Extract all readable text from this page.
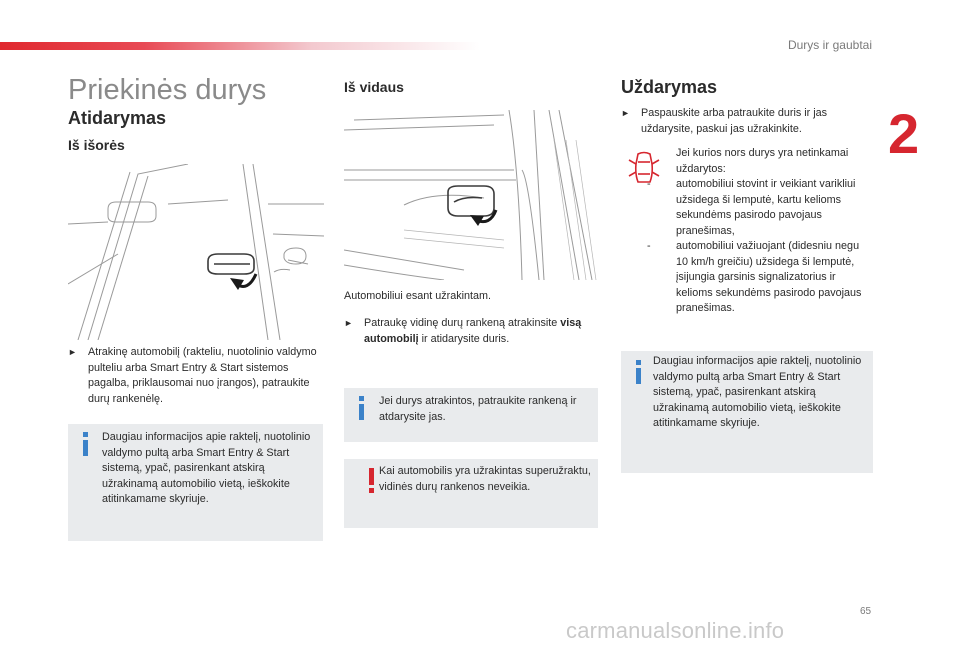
Durys ir gaubtai
2
Priekinės durys
Atidarymas
Iš išorės
► Atrakinę automobilį (rakteliu, nuotolinio valdymo pulteliu arba Smart Entry & Start sistemos pagalba, priklausomai nuo įrangos), patraukite durų rankenėlę.
Daugiau informacijos apie raktelį, nuotolinio valdymo pultą arba Smart Entry & Start sistemą, ypač, pasirenkant atskirą užrakinamą automobilio vietą, ieškokite atitinkamame skyriuje.
Iš vidaus
Automobiliui esant užrakintam.
► Patraukę vidinę durų rankeną atrakinsite visą automobilį ir atidarysite duris.
Jei durys atrakintos, patraukite rankeną ir atdarysite jas.
Kai automobilis yra užrakintas superužraktu, vidinės durų rankenos neveikia.
Uždarymas
► Paspauskite arba patraukite duris ir jas uždarysite, paskui jas užrakinkite.
Jei kurios nors durys yra netinkamai uždarytos:
- automobiliui stovint ir veikiant varikliui užsidega ši lemputė, kartu kelioms sekundėms pasirodo pavojaus pranešimas,
- automobiliui važiuojant (didesniu negu 10 km/h greičiu) užsidega ši lemputė, įsijungia garsinis signalizatorius ir kelioms sekundėms pasirodo pavojaus pranešimas.
Daugiau informacijos apie raktelį, nuotolinio valdymo pultą arba Smart Entry & Start sistemą, ypač, pasirenkant atskirą užrakinamą automobilio vietą, ieškokite atitinkamame skyriuje.
65
carmanualsonline.info
